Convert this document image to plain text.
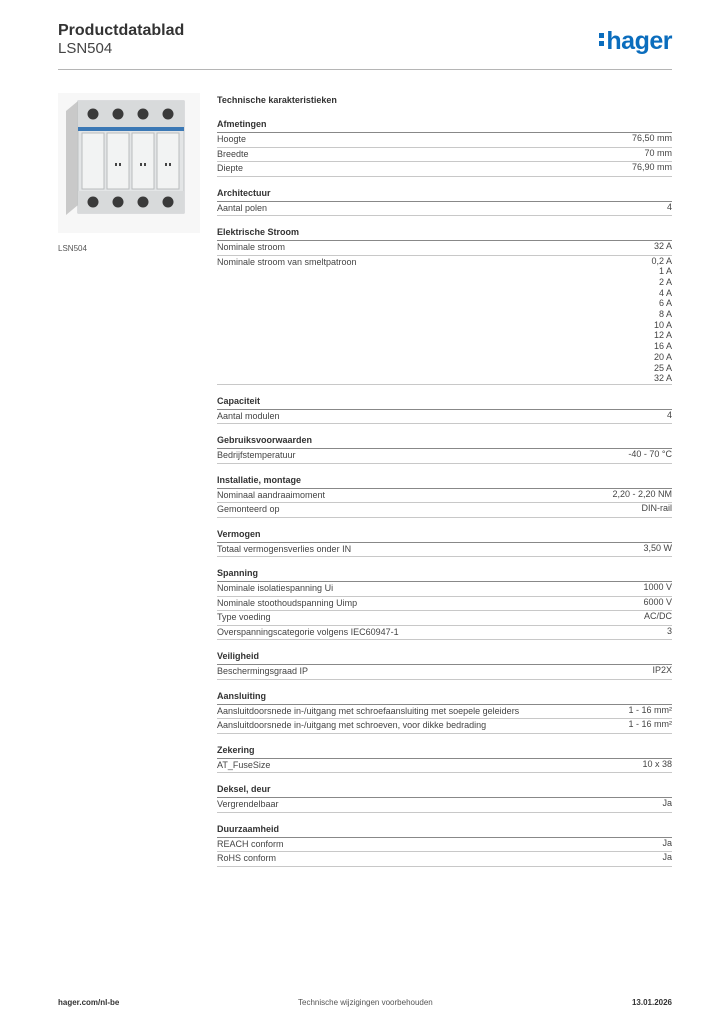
Productdatablad
LSN504	hager
LSN504
Technische karakteristieken
Afmetingen
Hoogte	76,50 mm
Breedte	70 mm
Diepte	76,90 mm
Architectuur
Aantal polen	4
Elektrische Stroom
Nominale stroom	32 A
Nominale stroom van smeltpatroon	0,2 A
1 A
2 A
4 A
6 A
8 A
10 A
12 A
16 A
20 A
25 A
32 A
Capaciteit
Aantal modulen	4
Gebruiksvoorwaarden
Bedrijfstemperatuur	-40 - 70 °C
Installatie, montage
Nominaal aandraaimoment	2,20 - 2,20 NM
Gemonteerd op	DIN-rail
Vermogen
Totaal vermogensverlies onder IN	3,50 W
Spanning
Nominale isolatiespanning Ui	1000 V
Nominale stoothoudspanning Uimp	6000 V
Type voeding	AC/DC
Overspanningscategorie volgens IEC60947-1	3
Veiligheid
Beschermingsgraad IP	IP2X
Aansluiting
Aansluitdoorsnede in-/uitgang met schroefaansluiting met soepele geleiders	1 - 16 mm²
Aansluitdoorsnede in-/uitgang met schroeven, voor dikke bedrading	1 - 16 mm²
Zekering
AT_FuseSize	10 x 38
Deksel, deur
Vergrendelbaar	Ja
Duurzaamheid
REACH conform	Ja
RoHS conform	Ja
hager.com/nl-be	Technische wijzigingen voorbehouden	13.01.2026
